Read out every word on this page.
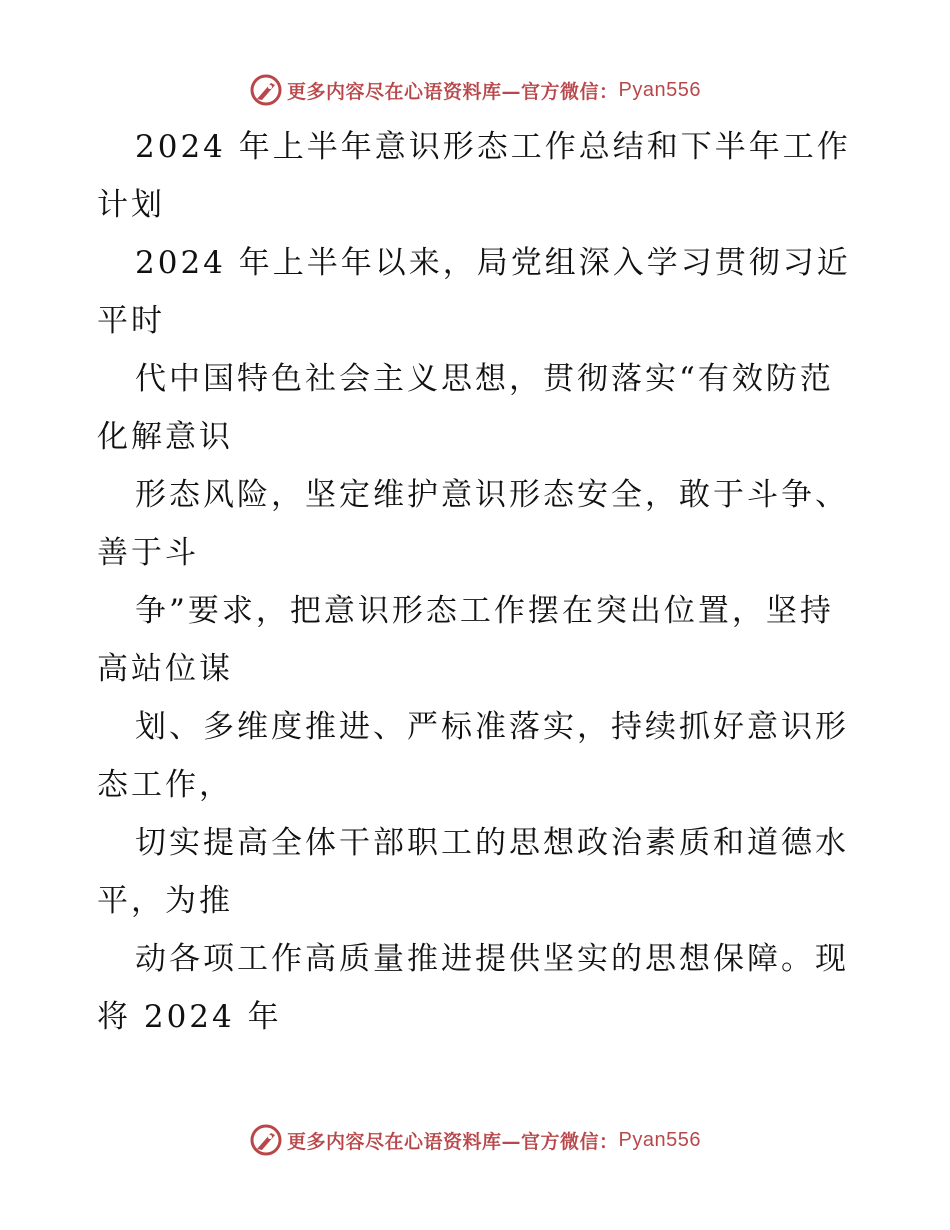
更多内容尽在心语资料库—官方微信： Pyan556

2024 年上半年意识形态工作总结和下半年工作

计划

2024 年上半年以来，局党组深入学习贯彻习近

平时

代中国特色社会主义思想，贯彻落实“有效防范

化解意识

形态风险，坚定维护意识形态安全，敢于斗争、

善于斗

争”要求，把意识形态工作摆在突出位置，坚持

高站位谋

划、多维度推进、严标准落实，持续抓好意识形

态工作，

切实提高全体干部职工的思想政治素质和道德水

平，为推

动各项工作高质量推进提供坚实的思想保障。现

将 2024 年

更多内容尽在心语资料库—官方微信： Pyan556
